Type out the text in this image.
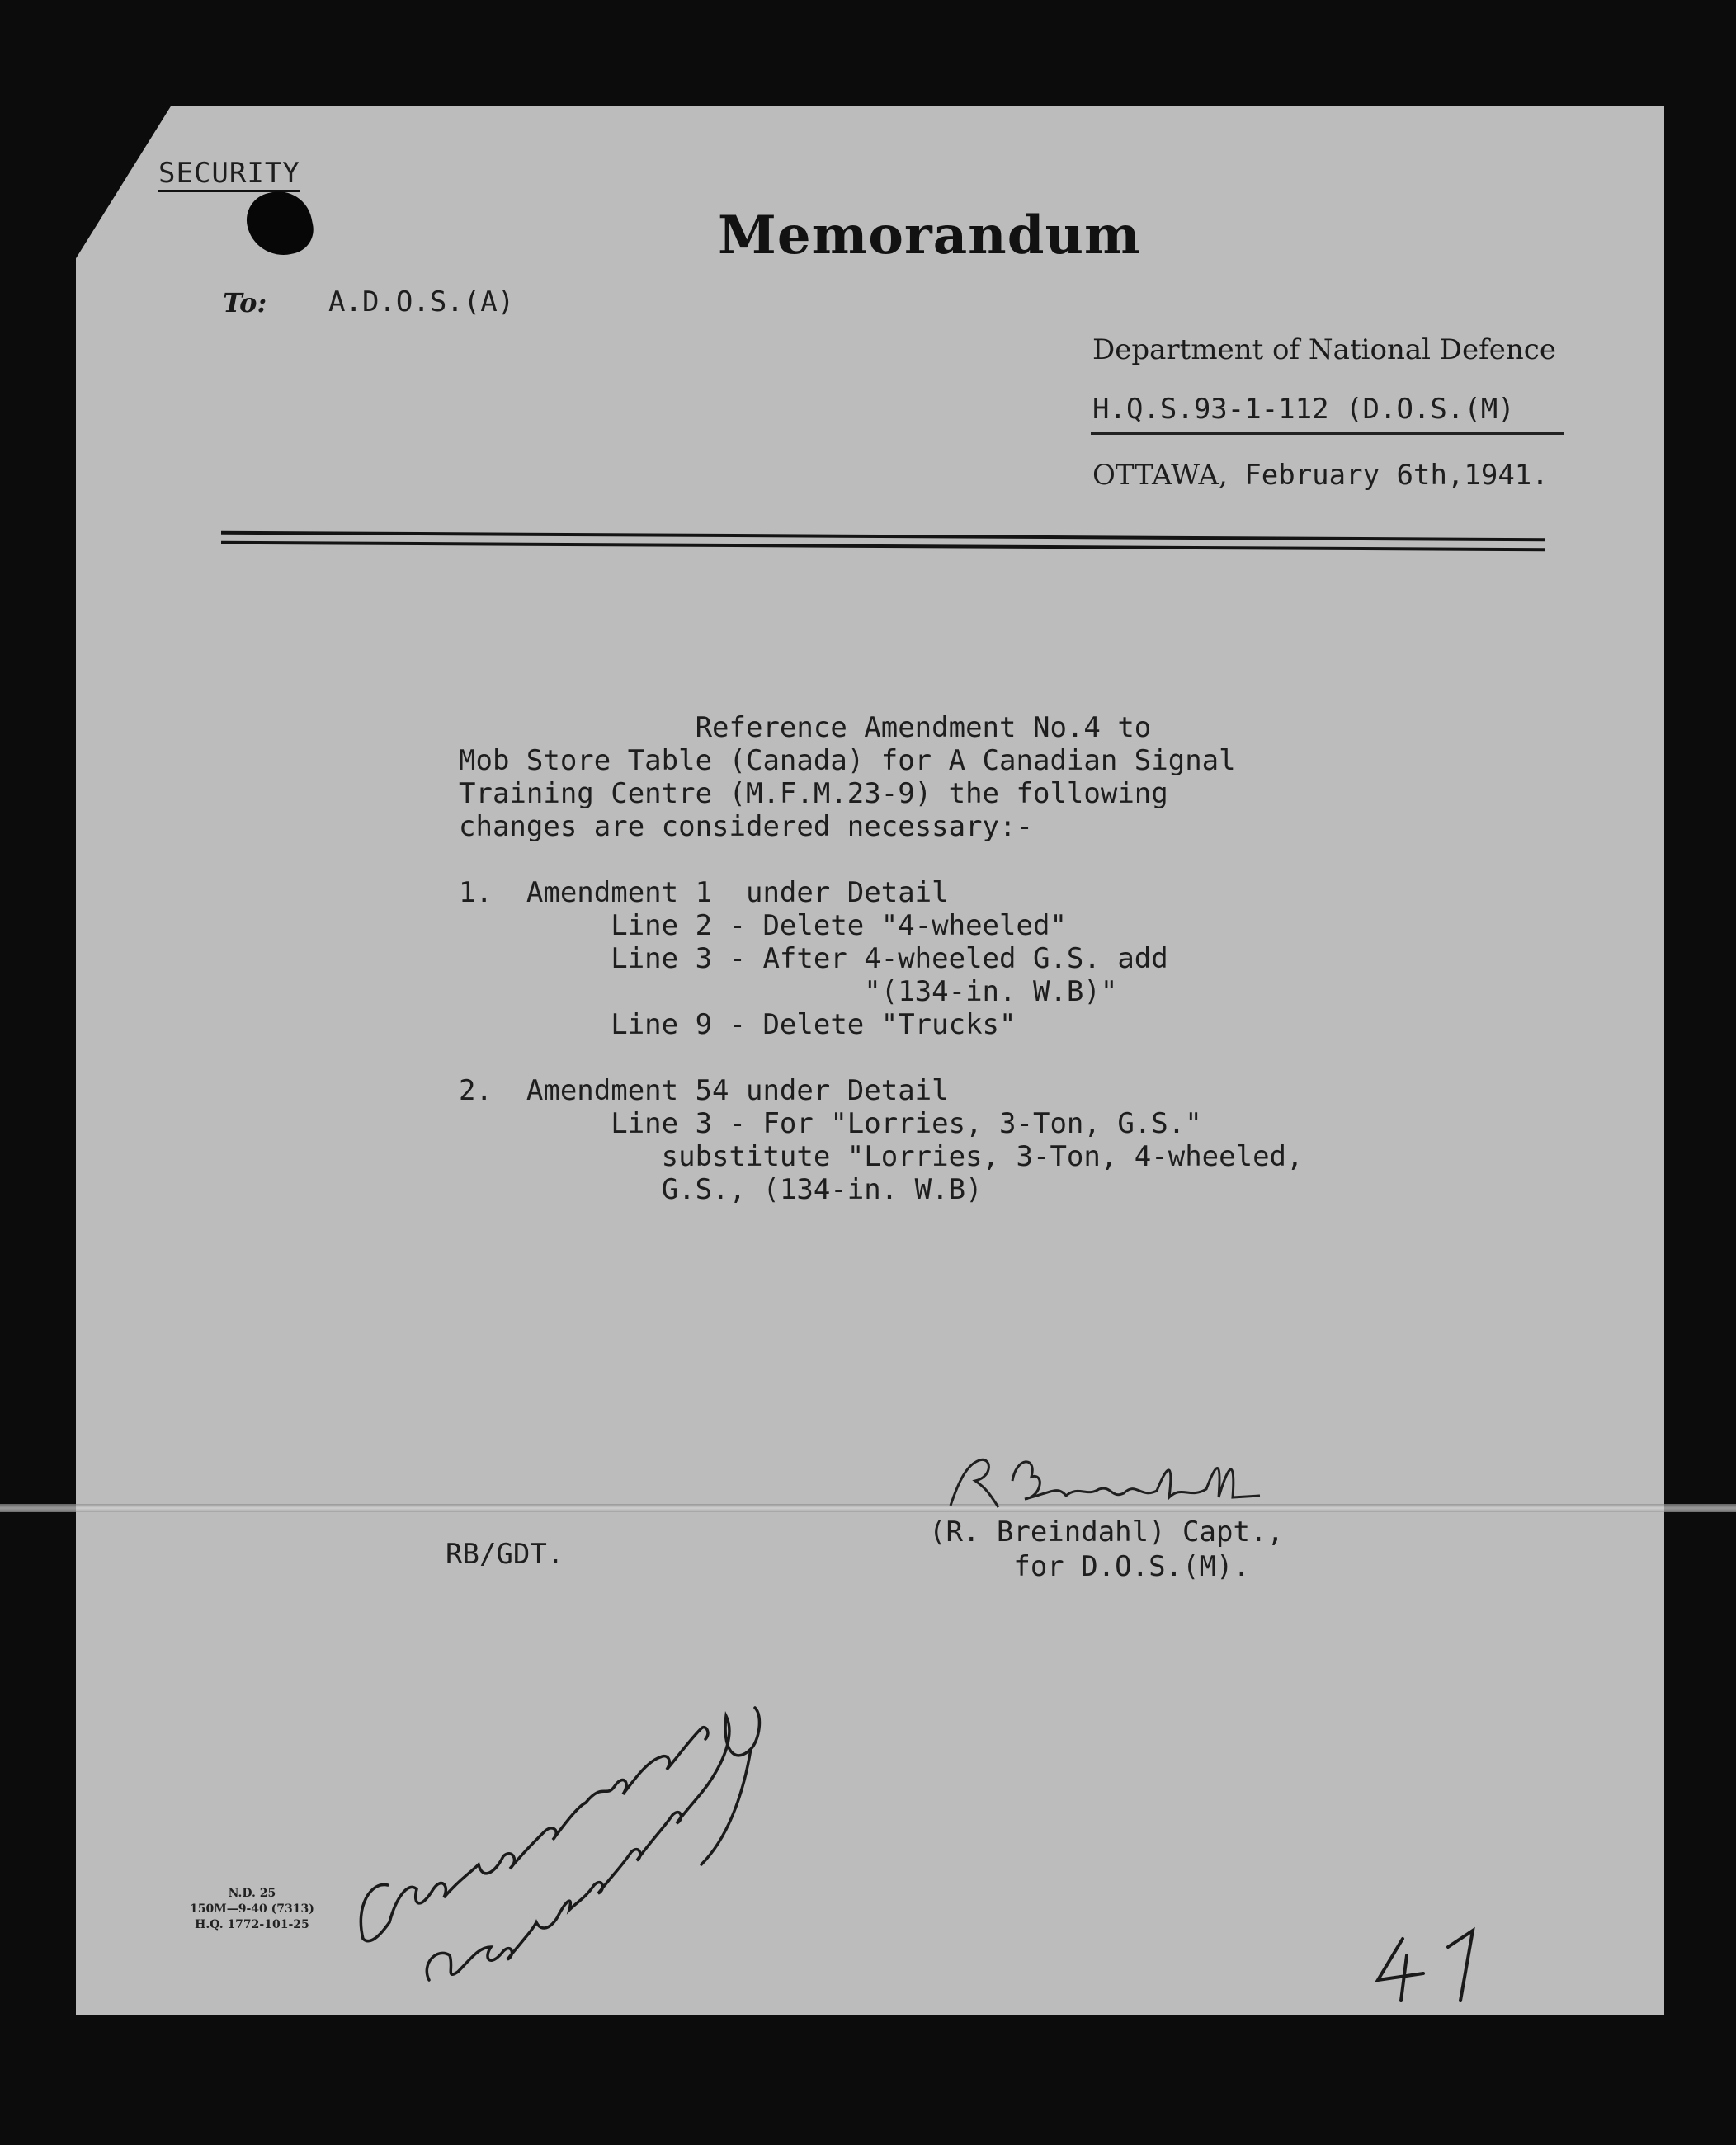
SECURITY
Memorandum
To: A.D.O.S.(A)
Department of National Defence
H.Q.S.93-1-112 (D.O.S.(M)
OTTAWA, February 6th,1941.
Reference Amendment No.4 to
Mob Store Table (Canada) for A Canadian Signal
Training Centre (M.F.M.23-9) the following
changes are considered necessary:-

1.  Amendment 1  under Detail
Line 2 - Delete "4-wheeled"
Line 3 - After 4-wheeled G.S. add
"(134-in. W.B)"
Line 9 - Delete "Trucks"

2.  Amendment 54 under Detail
Line 3 - For "Lorries, 3-Ton, G.S."
substitute "Lorries, 3-Ton, 4-wheeled,
G.S., (134-in. W.B)
(R. Breindahl) Capt.,
for D.O.S.(M).
RB/GDT.
N.D. 25
150M—9-40 (7313)
H.Q. 1772-101-25
